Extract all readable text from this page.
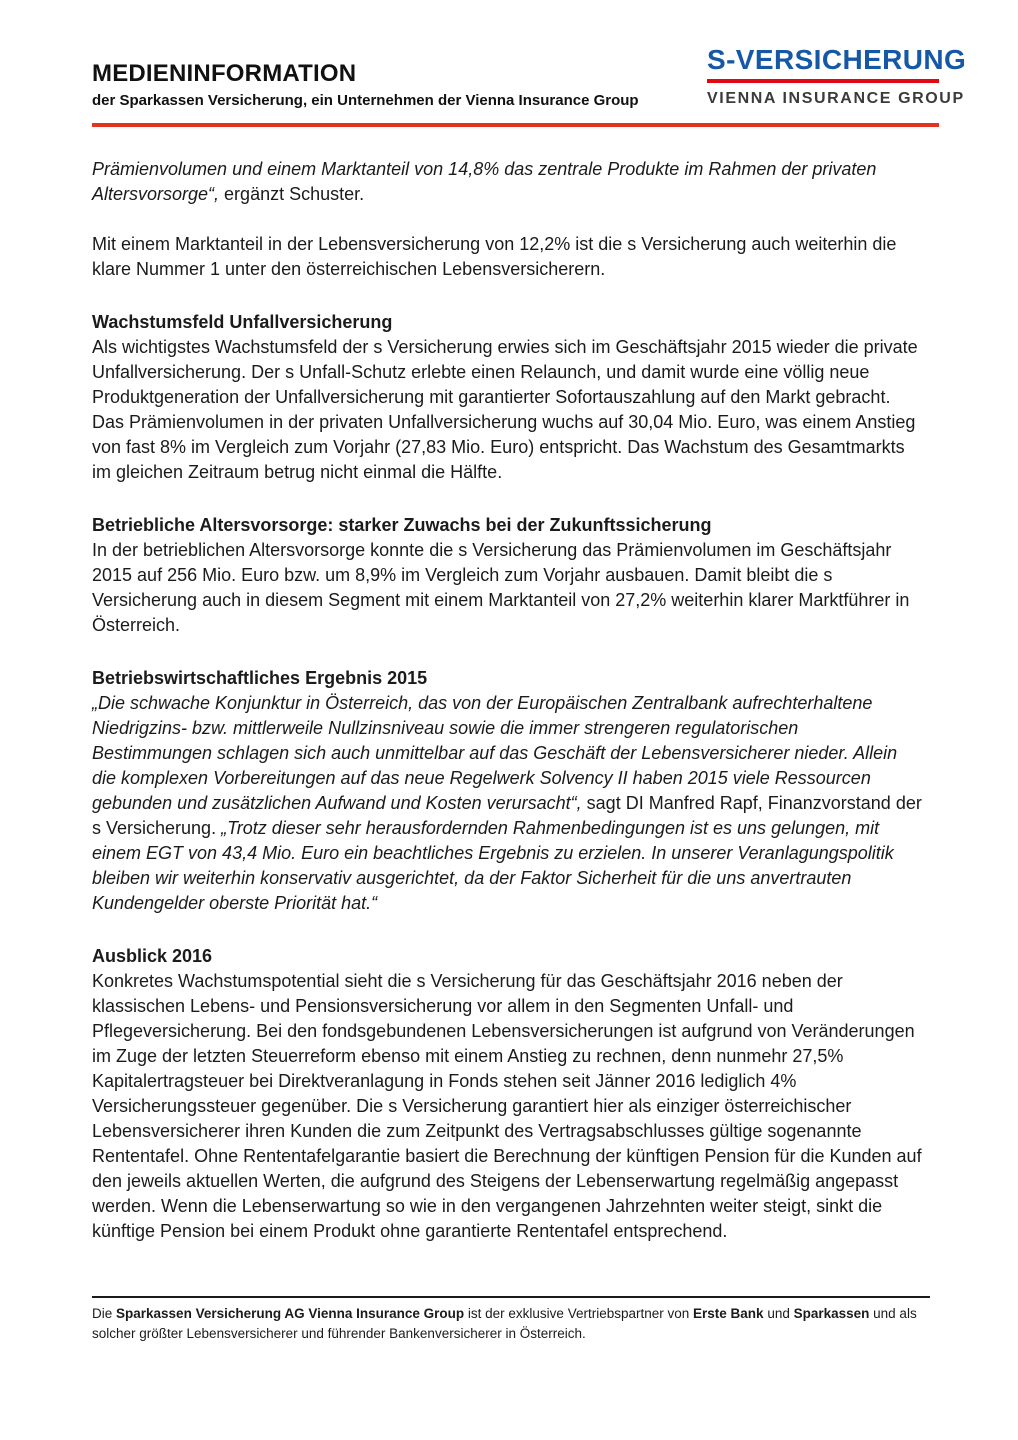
MEDIENINFORMATION
der Sparkassen Versicherung, ein Unternehmen der Vienna Insurance Group
S-VERSICHERUNG
VIENNA INSURANCE GROUP

Prämienvolumen und einem Marktanteil von 14,8% das zentrale Produkte im Rahmen der privaten Altersvorsorge“, ergänzt Schuster.

Mit einem Marktanteil in der Lebensversicherung von 12,2% ist die s Versicherung auch weiterhin die klare Nummer 1 unter den österreichischen Lebensversicherern.

Wachstumsfeld Unfallversicherung

Als wichtigstes Wachstumsfeld der s Versicherung erwies sich im Geschäftsjahr 2015 wieder die private Unfallversicherung. Der s Unfall-Schutz erlebte einen Relaunch, und damit wurde eine völlig neue Produktgeneration der Unfallversicherung mit garantierter Sofortauszahlung auf den Markt gebracht. Das Prämienvolumen in der privaten Unfallversicherung wuchs auf 30,04 Mio. Euro, was einem Anstieg von fast 8% im Vergleich zum Vorjahr (27,83 Mio. Euro) entspricht. Das Wachstum des Gesamtmarkts im gleichen Zeitraum betrug nicht einmal die Hälfte.

Betriebliche Altersvorsorge: starker Zuwachs bei der Zukunftssicherung

In der betrieblichen Altersvorsorge konnte die s Versicherung das Prämienvolumen im Geschäftsjahr 2015 auf 256 Mio. Euro bzw. um 8,9% im Vergleich zum Vorjahr ausbauen. Damit bleibt die s Versicherung auch in diesem Segment mit einem Marktanteil von 27,2% weiterhin klarer Marktführer in Österreich.

Betriebswirtschaftliches Ergebnis 2015

„Die schwache Konjunktur in Österreich, das von der Europäischen Zentralbank aufrechterhaltene Niedrigzins- bzw. mittlerweile Nullzinsniveau sowie die immer strengeren regulatorischen Bestimmungen schlagen sich auch unmittelbar auf das Geschäft der Lebensversicherer nieder. Allein die komplexen Vorbereitungen auf das neue Regelwerk Solvency II haben 2015 viele Ressourcen gebunden und zusätzlichen Aufwand und Kosten verursacht“, sagt DI Manfred Rapf, Finanzvorstand der s Versicherung. „Trotz dieser sehr herausfordernden Rahmenbedingungen ist es uns gelungen, mit einem EGT von 43,4 Mio. Euro ein beachtliches Ergebnis zu erzielen. In unserer Veranlagungspolitik bleiben wir weiterhin konservativ ausgerichtet, da der Faktor Sicherheit für die uns anvertrauten Kundengelder oberste Priorität hat.“

Ausblick 2016

Konkretes Wachstumspotential sieht die s Versicherung für das Geschäftsjahr 2016 neben der klassischen Lebens- und Pensionsversicherung vor allem in den Segmenten Unfall- und Pflegeversicherung. Bei den fondsgebundenen Lebensversicherungen ist aufgrund von Veränderungen im Zuge der letzten Steuerreform ebenso mit einem Anstieg zu rechnen, denn nunmehr 27,5% Kapitalertragsteuer bei Direktveranlagung in Fonds stehen seit Jänner 2016 lediglich 4% Versicherungssteuer gegenüber. Die s Versicherung garantiert hier als einziger österreichischer Lebensversicherer ihren Kunden die zum Zeitpunkt des Vertragsabschlusses gültige sogenannte Rententafel. Ohne Rententafelgarantie basiert die Berechnung der künftigen Pension für die Kunden auf den jeweils aktuellen Werten, die aufgrund des Steigens der Lebenserwartung regelmäßig angepasst werden. Wenn die Lebenserwartung so wie in den vergangenen Jahrzehnten weiter steigt, sinkt die künftige Pension bei einem Produkt ohne garantierte Rententafel entsprechend.

Die Sparkassen Versicherung AG Vienna Insurance Group ist der exklusive Vertriebspartner von Erste Bank und Sparkassen und als solcher größter Lebensversicherer und führender Bankenversicherer in Österreich.
